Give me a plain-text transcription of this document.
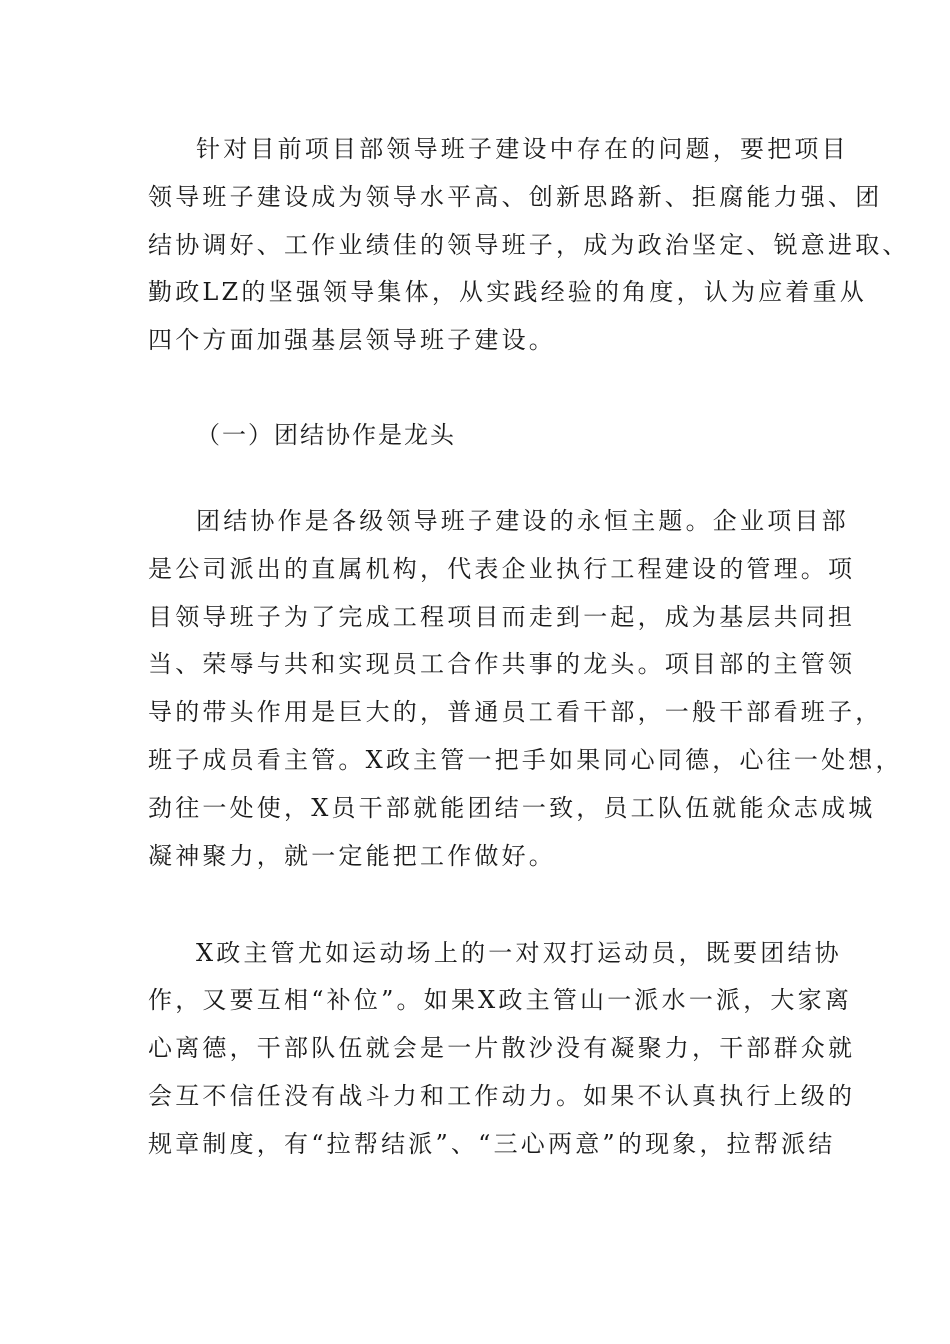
针对目前项目部领导班子建设中存在的问题，要把项目
领导班子建设成为领导水平高、创新思路新、拒腐能力强、团
结协调好、工作业绩佳的领导班子，成为政治坚定、锐意进取、
勤政LZ的坚强领导集体，从实践经验的角度，认为应着重从
四个方面加强基层领导班子建设。
（一）团结协作是龙头
团结协作是各级领导班子建设的永恒主题。企业项目部
是公司派出的直属机构，代表企业执行工程建设的管理。项
目领导班子为了完成工程项目而走到一起，成为基层共同担
当、荣辱与共和实现员工合作共事的龙头。项目部的主管领
导的带头作用是巨大的，普通员工看干部，一般干部看班子，
班子成员看主管。X政主管一把手如果同心同德，心往一处想，
劲往一处使，X员干部就能团结一致，员工队伍就能众志成城
凝神聚力，就一定能把工作做好。
X政主管尤如运动场上的一对双打运动员，既要团结协
作，又要互相“补位”。如果X政主管山一派水一派，大家离
心离德，干部队伍就会是一片散沙没有凝聚力，干部群众就
会互不信任没有战斗力和工作动力。如果不认真执行上级的
规章制度，有“拉帮结派”、“三心两意”的现象，拉帮派结
